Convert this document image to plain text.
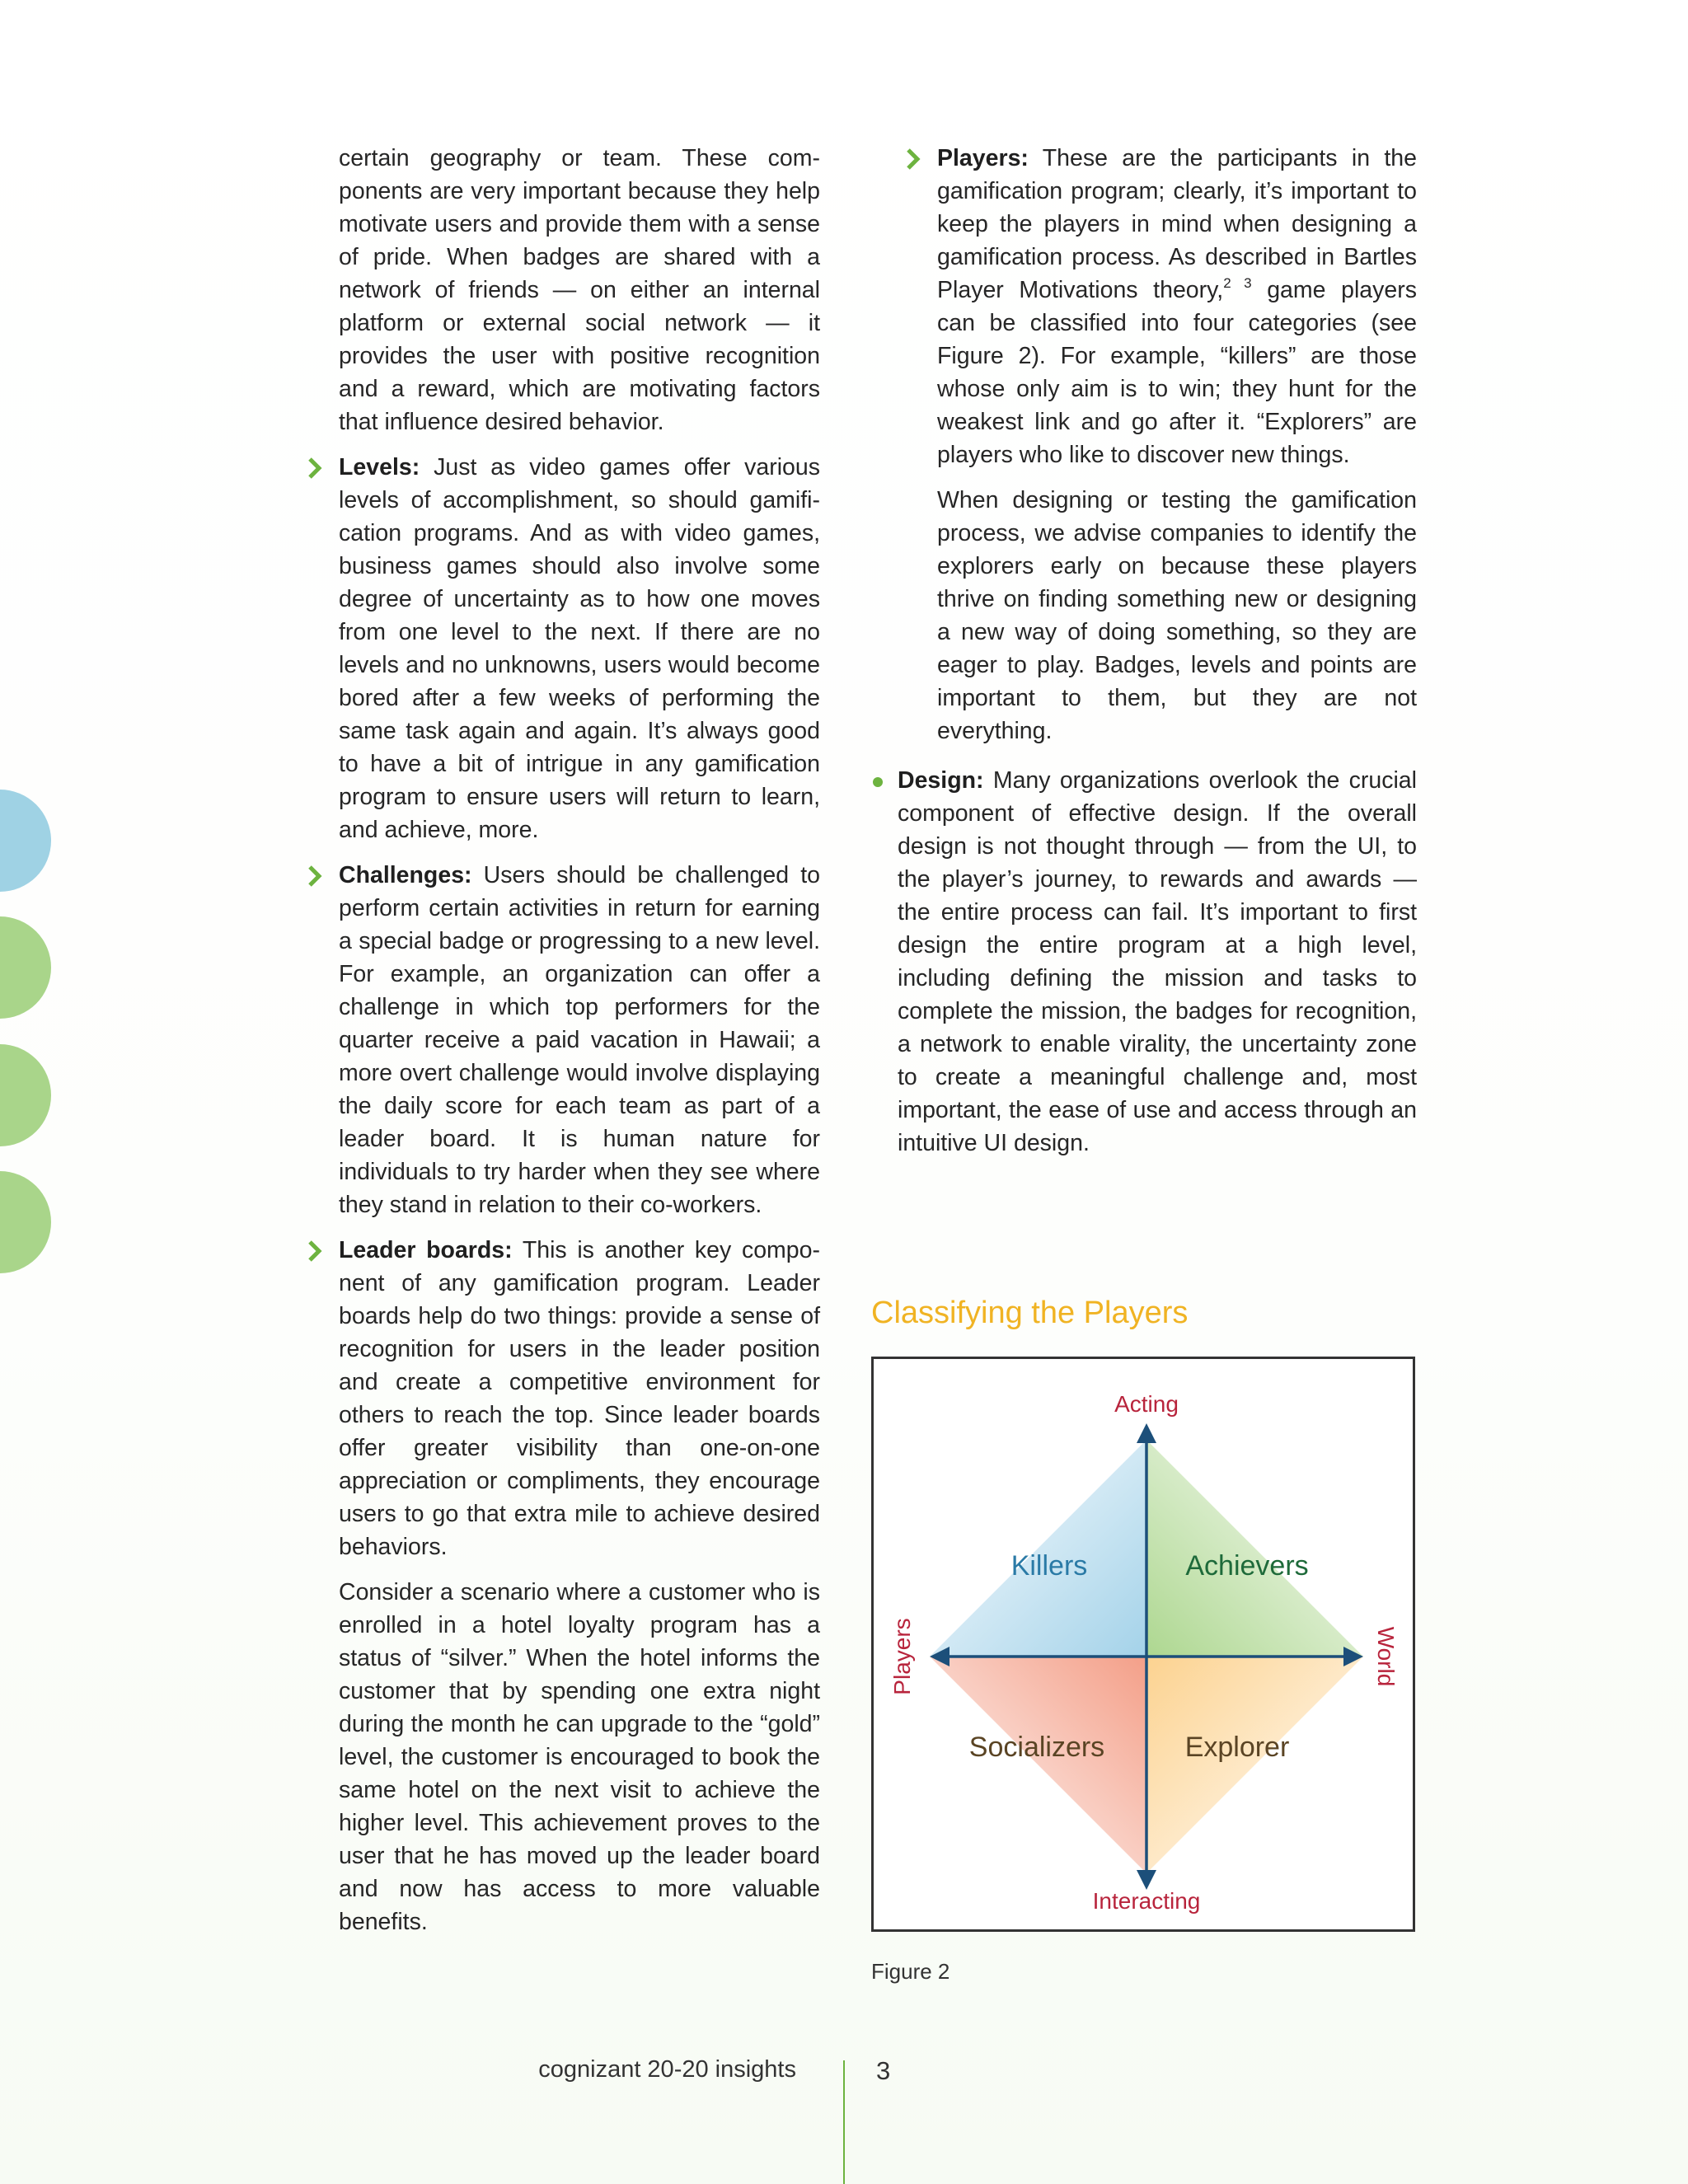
certain geography or team. These components are very important because they help motivate users and provide them with a sense of pride. When badges are shared with a network of friends — on either an internal platform or external social network — it provides the user with positive recognition and a reward, which are motivating factors that influence desired behavior.

Levels: Just as video games offer various levels of accomplishment, so should gamification programs. And as with video games, business games should also involve some degree of uncertainty as to how one moves from one level to the next. If there are no levels and no unknowns, users would become bored after a few weeks of performing the same task again and again. It’s always good to have a bit of intrigue in any gamification program to ensure users will return to learn, and achieve, more.

Challenges: Users should be challenged to perform certain activities in return for earning a special badge or progressing to a new level. For example, an organization can offer a challenge in which top performers for the quarter receive a paid vacation in Hawaii; a more overt challenge would involve displaying the daily score for each team as part of a leader board. It is human nature for individuals to try harder when they see where they stand in relation to their co-workers.

Leader boards: This is another key component of any gamification program. Leader boards help do two things: provide a sense of recognition for users in the leader position and create a competitive environment for others to reach the top. Since leader boards offer greater visibility than one-on-one appreciation or compliments, they encourage users to go that extra mile to achieve desired behaviors.

Consider a scenario where a customer who is enrolled in a hotel loyalty program has a status of “silver.” When the hotel informs the customer that by spending one extra night during the month he can upgrade to the “gold” level, the customer is encouraged to book the same hotel on the next visit to achieve the higher level. This achievement proves to the user that he has moved up the leader board and now has access to more valuable benefits.

Players: These are the participants in the gamification program; clearly, it’s important to keep the players in mind when designing a gamification process. As described in Bartles Player Motivations theory,$^{2 3}$ game players can be classified into four categories (see Figure 2). For example, “killers” are those whose only aim is to win; they hunt for the weakest link and go after it. “Explorers” are players who like to discover new things.

When designing or testing the gamification process, we advise companies to identify the explorers early on because these players thrive on finding something new or designing a new way of doing something, so they are eager to play. Badges, levels and points are important to them, but they are not everything.

Design: Many organizations overlook the crucial component of effective design. If the overall design is not thought through — from the UI, to the player’s journey, to rewards and awards — the entire process can fail. It’s important to first design the entire program at a high level, including defining the mission and tasks to complete the mission, the badges for recognition, a network to enable virality, the uncertainty zone to create a meaningful challenge and, most important, the ease of use and access through an intuitive UI design.

Classifying the Players
Acting
Interacting
Players	World
Killers	Achievers
Socializers	Explorer
Figure 2
cognizant 20-20 insights	3
